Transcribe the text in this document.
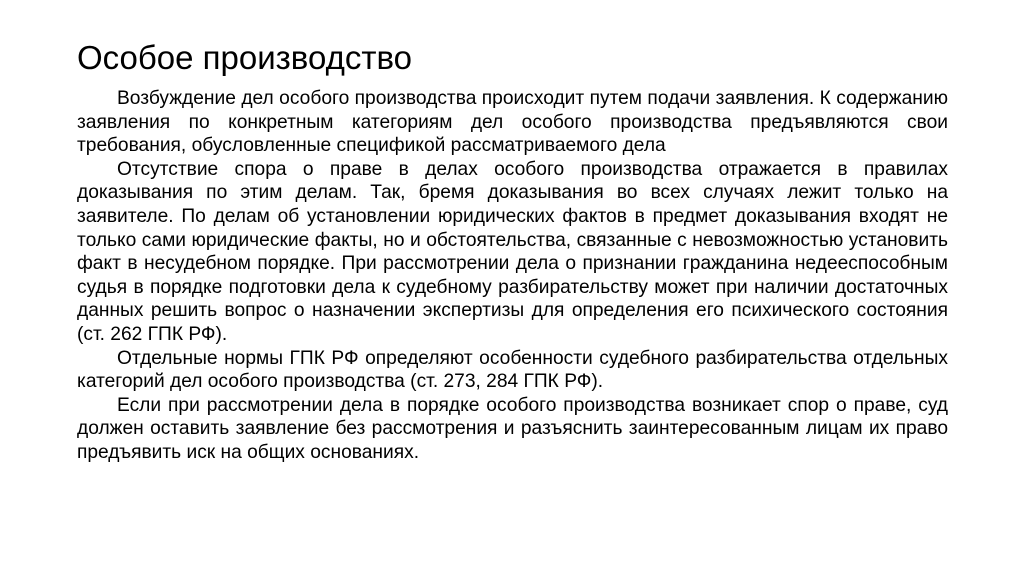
Особое производство

Возбуждение дел особого производства происходит путем подачи заявления. К содержанию заявления по конкретным категориям дел особого производства предъявляются свои требования, обусловленные спецификой рассматриваемого дела

Отсутствие спора о праве в делах особого производства отражается в правилах доказывания по этим делам. Так, бремя доказывания во всех случаях лежит только на заявителе. По делам об установлении юридических фактов в предмет доказывания входят не только сами юридические факты, но и обстоятельства, связанные с невозможностью установить факт в несудебном порядке. При рассмотрении дела о признании гражданина недееспособным судья в порядке подготовки дела к судебному разбирательству может при наличии достаточных данных решить вопрос о назначении экспертизы для определения его психического состояния (ст. 262 ГПК РФ).

Отдельные нормы ГПК РФ определяют особенности судебного разбирательства отдельных категорий дел особого производства (ст. 273, 284 ГПК РФ).

Если при рассмотрении дела в порядке особого производства возникает спор о праве, суд должен оставить заявление без рассмотрения и разъяснить заинтересованным лицам их право предъявить иск на общих основаниях.
